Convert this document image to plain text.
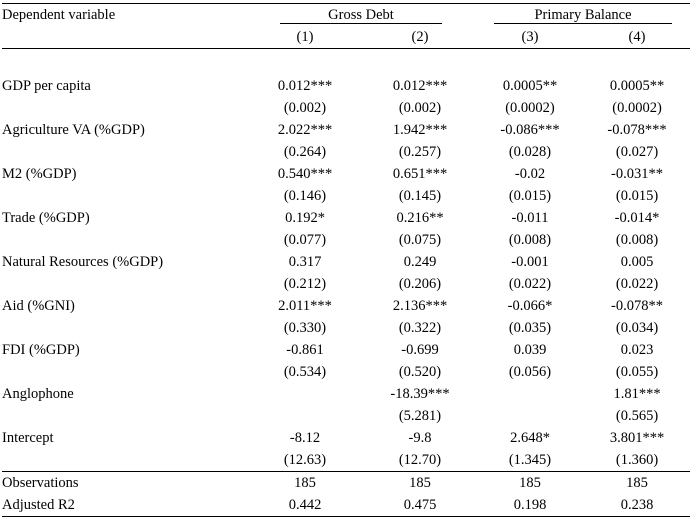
Dependent variable	Gross Debt		Primary Balance	
	(1)	(2)	(3)	(4)

GDP per capita	0.012***	0.012***	0.0005**	0.0005**
	(0.002)	(0.002)	(0.0002)	(0.0002)
Agriculture VA (%GDP)	2.022***	1.942***	-0.086***	-0.078***
	(0.264)	(0.257)	(0.028)	(0.027)
M2 (%GDP)	0.540***	0.651***	-0.02	-0.031**
	(0.146)	(0.145)	(0.015)	(0.015)
Trade (%GDP)	0.192*	0.216**	-0.011	-0.014*
	(0.077)	(0.075)	(0.008)	(0.008)
Natural Resources (%GDP)	0.317	0.249	-0.001	0.005
	(0.212)	(0.206)	(0.022)	(0.022)
Aid (%GNI)	2.011***	2.136***	-0.066*	-0.078**
	(0.330)	(0.322)	(0.035)	(0.034)
FDI (%GDP)	-0.861	-0.699	0.039	0.023
	(0.534)	(0.520)	(0.056)	(0.055)
Anglophone		-18.39***		1.81***
		(5.281)		(0.565)
Intercept	-8.12	-9.8	2.648*	3.801***
	(12.63)	(12.70)	(1.345)	(1.360)
Observations	185	185	185	185
Adjusted R2	0.442	0.475	0.198	0.238
